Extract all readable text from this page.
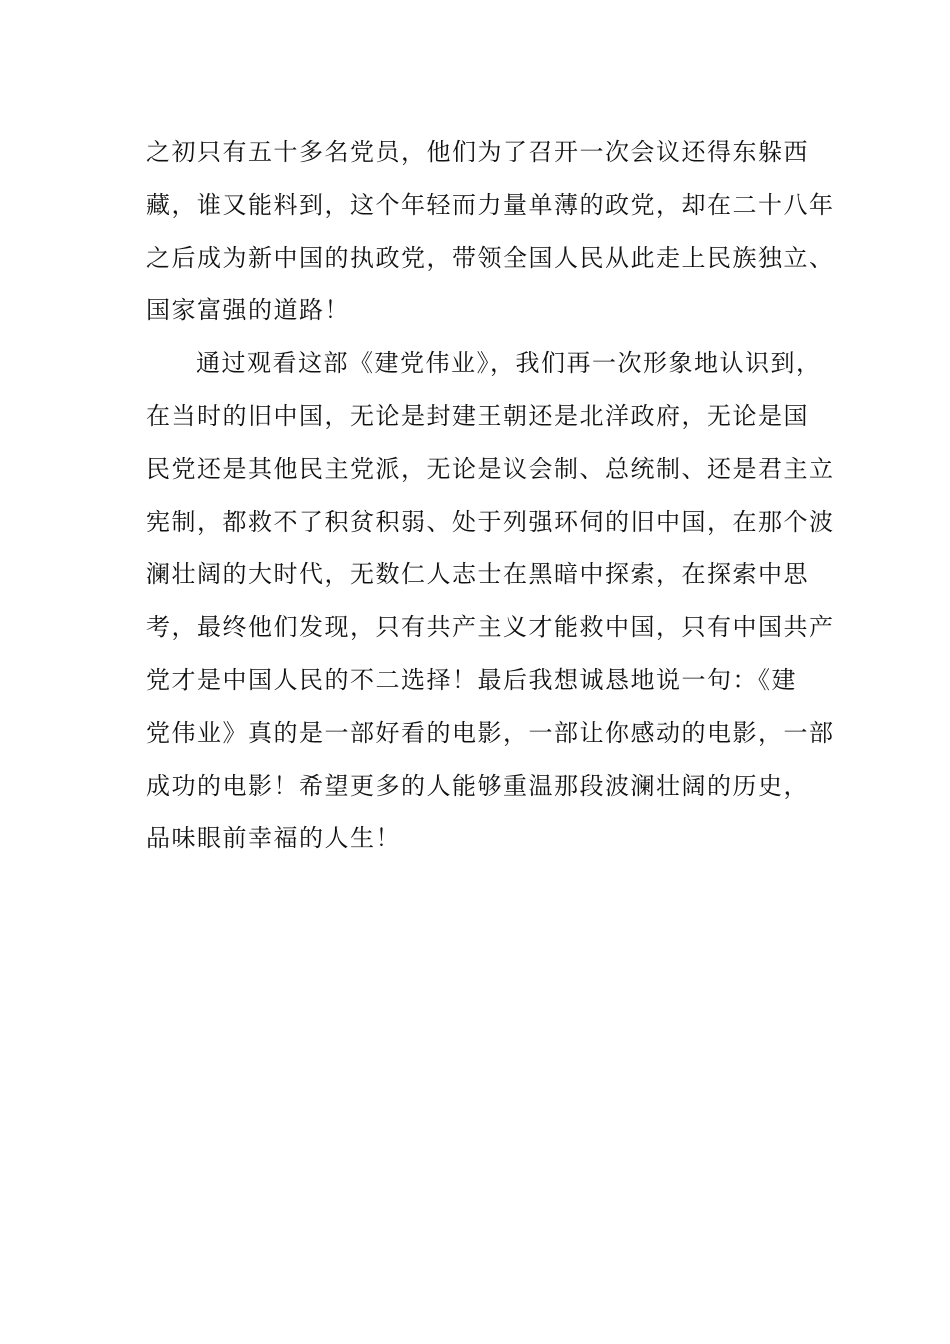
之初只有五十多名党员，他们为了召开一次会议还得东躲西
藏，谁又能料到，这个年轻而力量单薄的政党，却在二十八年
之后成为新中国的执政党，带领全国人民从此走上民族独立、
国家富强的道路！
通过观看这部《建党伟业》，我们再一次形象地认识到，
在当时的旧中国，无论是封建王朝还是北洋政府，无论是国
民党还是其他民主党派，无论是议会制、总统制、还是君主立
宪制，都救不了积贫积弱、处于列强环伺的旧中国，在那个波
澜壮阔的大时代，无数仁人志士在黑暗中探索，在探索中思
考，最终他们发现，只有共产主义才能救中国，只有中国共产
党才是中国人民的不二选择！最后我想诚恳地说一句：《建
党伟业》真的是一部好看的电影，一部让你感动的电影，一部
成功的电影！希望更多的人能够重温那段波澜壮阔的历史，
品味眼前幸福的人生！
